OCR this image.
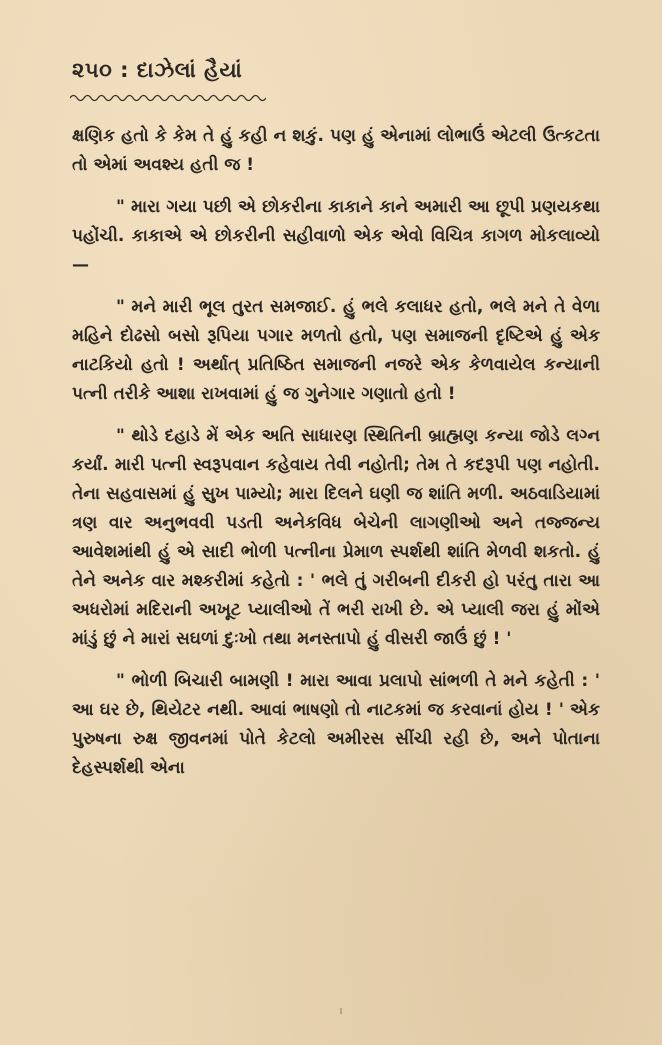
૨૫૦ : દાઝેલાં હૈયાં

ક્ષણિક હતો કે કેમ તે હું કહી ન શકું. પણ હું એનામાં લોભાઉં એટલી ઉત્કટતા તો એમાં અવશ્ય હતી જ !

" મારા ગયા પછી એ છોકરીના કાકાને કાને અમારી આ છૂપી પ્રણયકથા પહોંચી. કાકાએ એ છોકરીની સહીવાળો એક એવો વિચિત્ર કાગળ મોકલાવ્યો —

" મને મારી ભૂલ તુરત સમજાઈ. હું ભલે કલાધર હતો, ભલે મને તે વેળા મહિને દોઢસો બસો રૂપિયા પગાર મળતો હતો, પણ સમાજની દૃષ્ટિએ હું એક નાટકિયો હતો ! અર્થાત્ પ્રતિષ્ઠિત સમાજની નજરે એક કેળવાયેલ કન્યાની પત્ની તરીકે આશા રાખવામાં હું જ ગુનેગાર ગણાતો હતો !

" થોડે દહાડે મેં એક અતિ સાધારણ સ્થિતિની બ્રાહ્મણ કન્યા જોડે લગ્ન કર્યાં. મારી પત્ની સ્વરૂપવાન કહેવાય તેવી નહોતી; તેમ તે કદરૂપી પણ નહોતી. તેના સહવાસમાં હું સુખ પામ્યો; મારા દિલને ઘણી જ શાંતિ મળી. અઠવાડિયામાં ત્રણ વાર અનુભવવી પડતી અનેકવિધ બેચેની લાગણીઓ અને તજ્જન્ય આવેશમાંથી હું એ સાદી ભોળી પત્નીના પ્રેમાળ સ્પર્શથી શાંતિ મેળવી શકતો. હું તેને અનેક વાર મશ્કરીમાં કહેતો : ' ભલે તું ગરીબની દીકરી હો પરંતુ તારા આ અધરોમાં મદિરાની અખૂટ પ્યાલીઓ તેં ભરી રાખી છે. એ પ્યાલી જરા હું મોંએ માંડું છું ને મારાં સઘળાં દુઃખો તથા મનસ્તાપો હું વીસરી જાઉં છું ! '

" ભોળી બિચારી બામણી ! મારા આવા પ્રલાપો સાંભળી તે મને કહેતી : ' આ ઘર છે, થિયેટર નથી. આવાં ભાષણો તો નાટકમાં જ કરવાનાં હોય ! ' એક પુરુષના રુક્ષ જીવનમાં પોતે કેટલો અમીરસ સીંચી રહી છે, અને પોતાના દેહસ્પર્શથી એના
